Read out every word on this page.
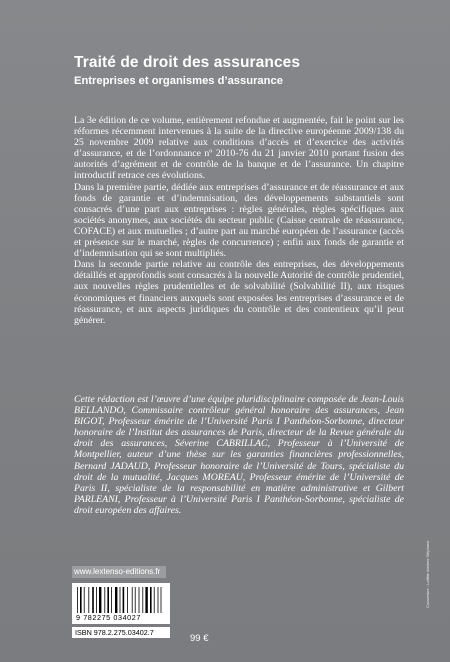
Traité de droit des assurances
Entreprises et organismes d’assurance

La 3e édition de ce volume, entièrement refondue et augmentée, fait le point sur les réformes récemment intervenues à la suite de la directive européenne 2009/138 du 25 novembre 2009 relative aux conditions d’accès et d’exercice des activités d’assurance, et de l’ordonnance nº 2010-76 du 21 janvier 2010 portant fusion des autorités d’agrément et de contrôle de la banque et de l’assurance. Un chapitre introductif retrace ces évolutions.

Dans la première partie, dédiée aux entreprises d’assurance et de réassurance et aux fonds de garantie et d’indemnisation, des développements substantiels sont consacrés d’une part aux entreprises : règles générales, règles spécifiques aux sociétés anonymes, aux sociétés du secteur public (Caisse centrale de réassurance, COFACE) et aux mutuelles ; d’autre part au marché européen de l’assurance (accès et présence sur le marché, règles de concurrence) ; enfin aux fonds de garantie et d’indemnisation qui se sont multipliés.

Dans la seconde partie relative au contrôle des entreprises, des développements détaillés et approfondis sont consacrés à la nouvelle Autorité de contrôle prudentiel, aux nouvelles règles prudentielles et de solvabilité (Solvabilité II), aux risques économiques et financiers auxquels sont exposées les entreprises d’assurance et de réassurance, et aux aspects juridiques du contrôle et des contentieux qu’il peut générer.

Cette rédaction est l’œuvre d’une équipe pluridisciplinaire composée de Jean-Louis BELLANDO, Commissaire contrôleur général honoraire des assurances, Jean BIGOT, Professeur émérite de l’Université Paris I Panthéon-Sorbonne, directeur honoraire de l’Institut des assurances de Paris, directeur de la Revue générale du droit des assurances, Séverine CABRILLAC, Professeur à l’Université de Montpellier, auteur d’une thèse sur les garanties financières professionnelles, Bernard JADAUD, Professeur honoraire de l’Université de Tours, spécialiste du droit de la mutualité, Jacques MOREAU, Professeur émérite de l’Université de Paris II, spécialiste de la responsabilité en matière administrative et Gilbert PARLEANI, Professeur à l’Université Paris I Panthéon-Sorbonne, spécialiste de droit européen des affaires.

www.lextenso-editions.fr
9 782275 034027
ISBN 978.2.275.03402.7
99 €
Couverture : Laffitte Ateliers Stéphane
